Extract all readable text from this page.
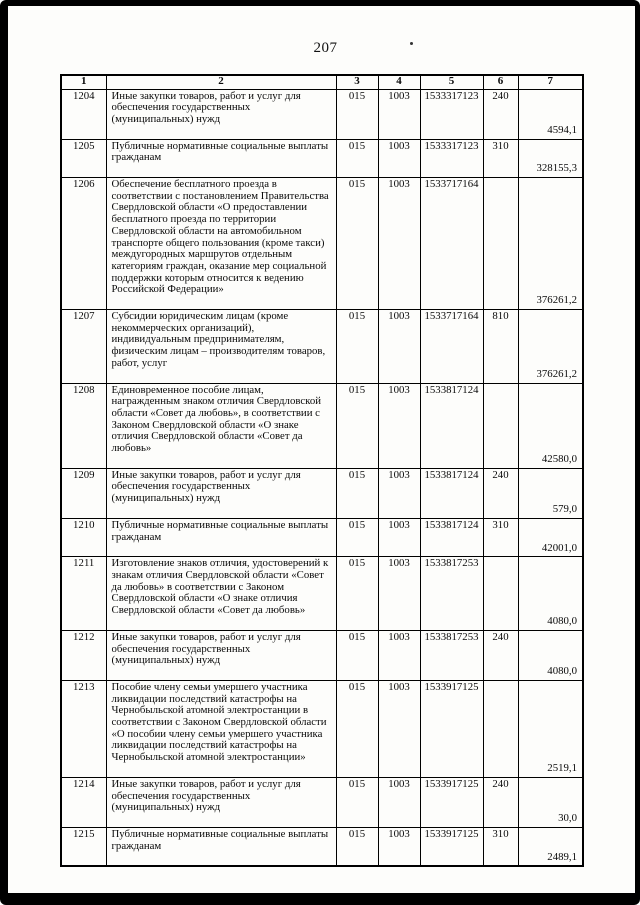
207
1	2	3	4	5	6	7
1204	Иные закупки товаров, работ и услуг для обеспечения государственных (муниципальных) нужд	015	1003	1533317123	240	4594,1
1205	Публичные нормативные социальные выплаты гражданам	015	1003	1533317123	310	328155,3
1206	Обеспечение бесплатного проезда в соответствии с постановлением Правительства Свердловской области «О предоставлении бесплатного проезда по территории Свердловской области на автомобильном транспорте общего пользования (кроме такси) междугородных маршрутов отдельным категориям граждан, оказание мер социальной поддержки которым относится к ведению Российской Федерации»	015	1003	1533717164		376261,2
1207	Субсидии юридическим лицам (кроме некоммерческих организаций), индивидуальным предпринимателям, физическим лицам – производителям товаров, работ, услуг	015	1003	1533717164	810	376261,2
1208	Единовременное пособие лицам, награжденным знаком отличия Свердловской области «Совет да любовь», в соответствии с Законом Свердловской области «О знаке отличия Свердловской области «Совет да любовь»	015	1003	1533817124		42580,0
1209	Иные закупки товаров, работ и услуг для обеспечения государственных (муниципальных) нужд	015	1003	1533817124	240	579,0
1210	Публичные нормативные социальные выплаты гражданам	015	1003	1533817124	310	42001,0
1211	Изготовление знаков отличия, удостоверений к знакам отличия Свердловской области «Совет да любовь» в соответствии с Законом Свердловской области «О знаке отличия Свердловской области «Совет да любовь»	015	1003	1533817253		4080,0
1212	Иные закупки товаров, работ и услуг для обеспечения государственных (муниципальных) нужд	015	1003	1533817253	240	4080,0
1213	Пособие члену семьи умершего участника ликвидации последствий катастрофы на Чернобыльской атомной электростанции в соответствии с Законом Свердловской области «О пособии члену семьи умершего участника ликвидации последствий катастрофы на Чернобыльской атомной электростанции»	015	1003	1533917125		2519,1
1214	Иные закупки товаров, работ и услуг для обеспечения государственных (муниципальных) нужд	015	1003	1533917125	240	30,0
1215	Публичные нормативные социальные выплаты гражданам	015	1003	1533917125	310	2489,1
